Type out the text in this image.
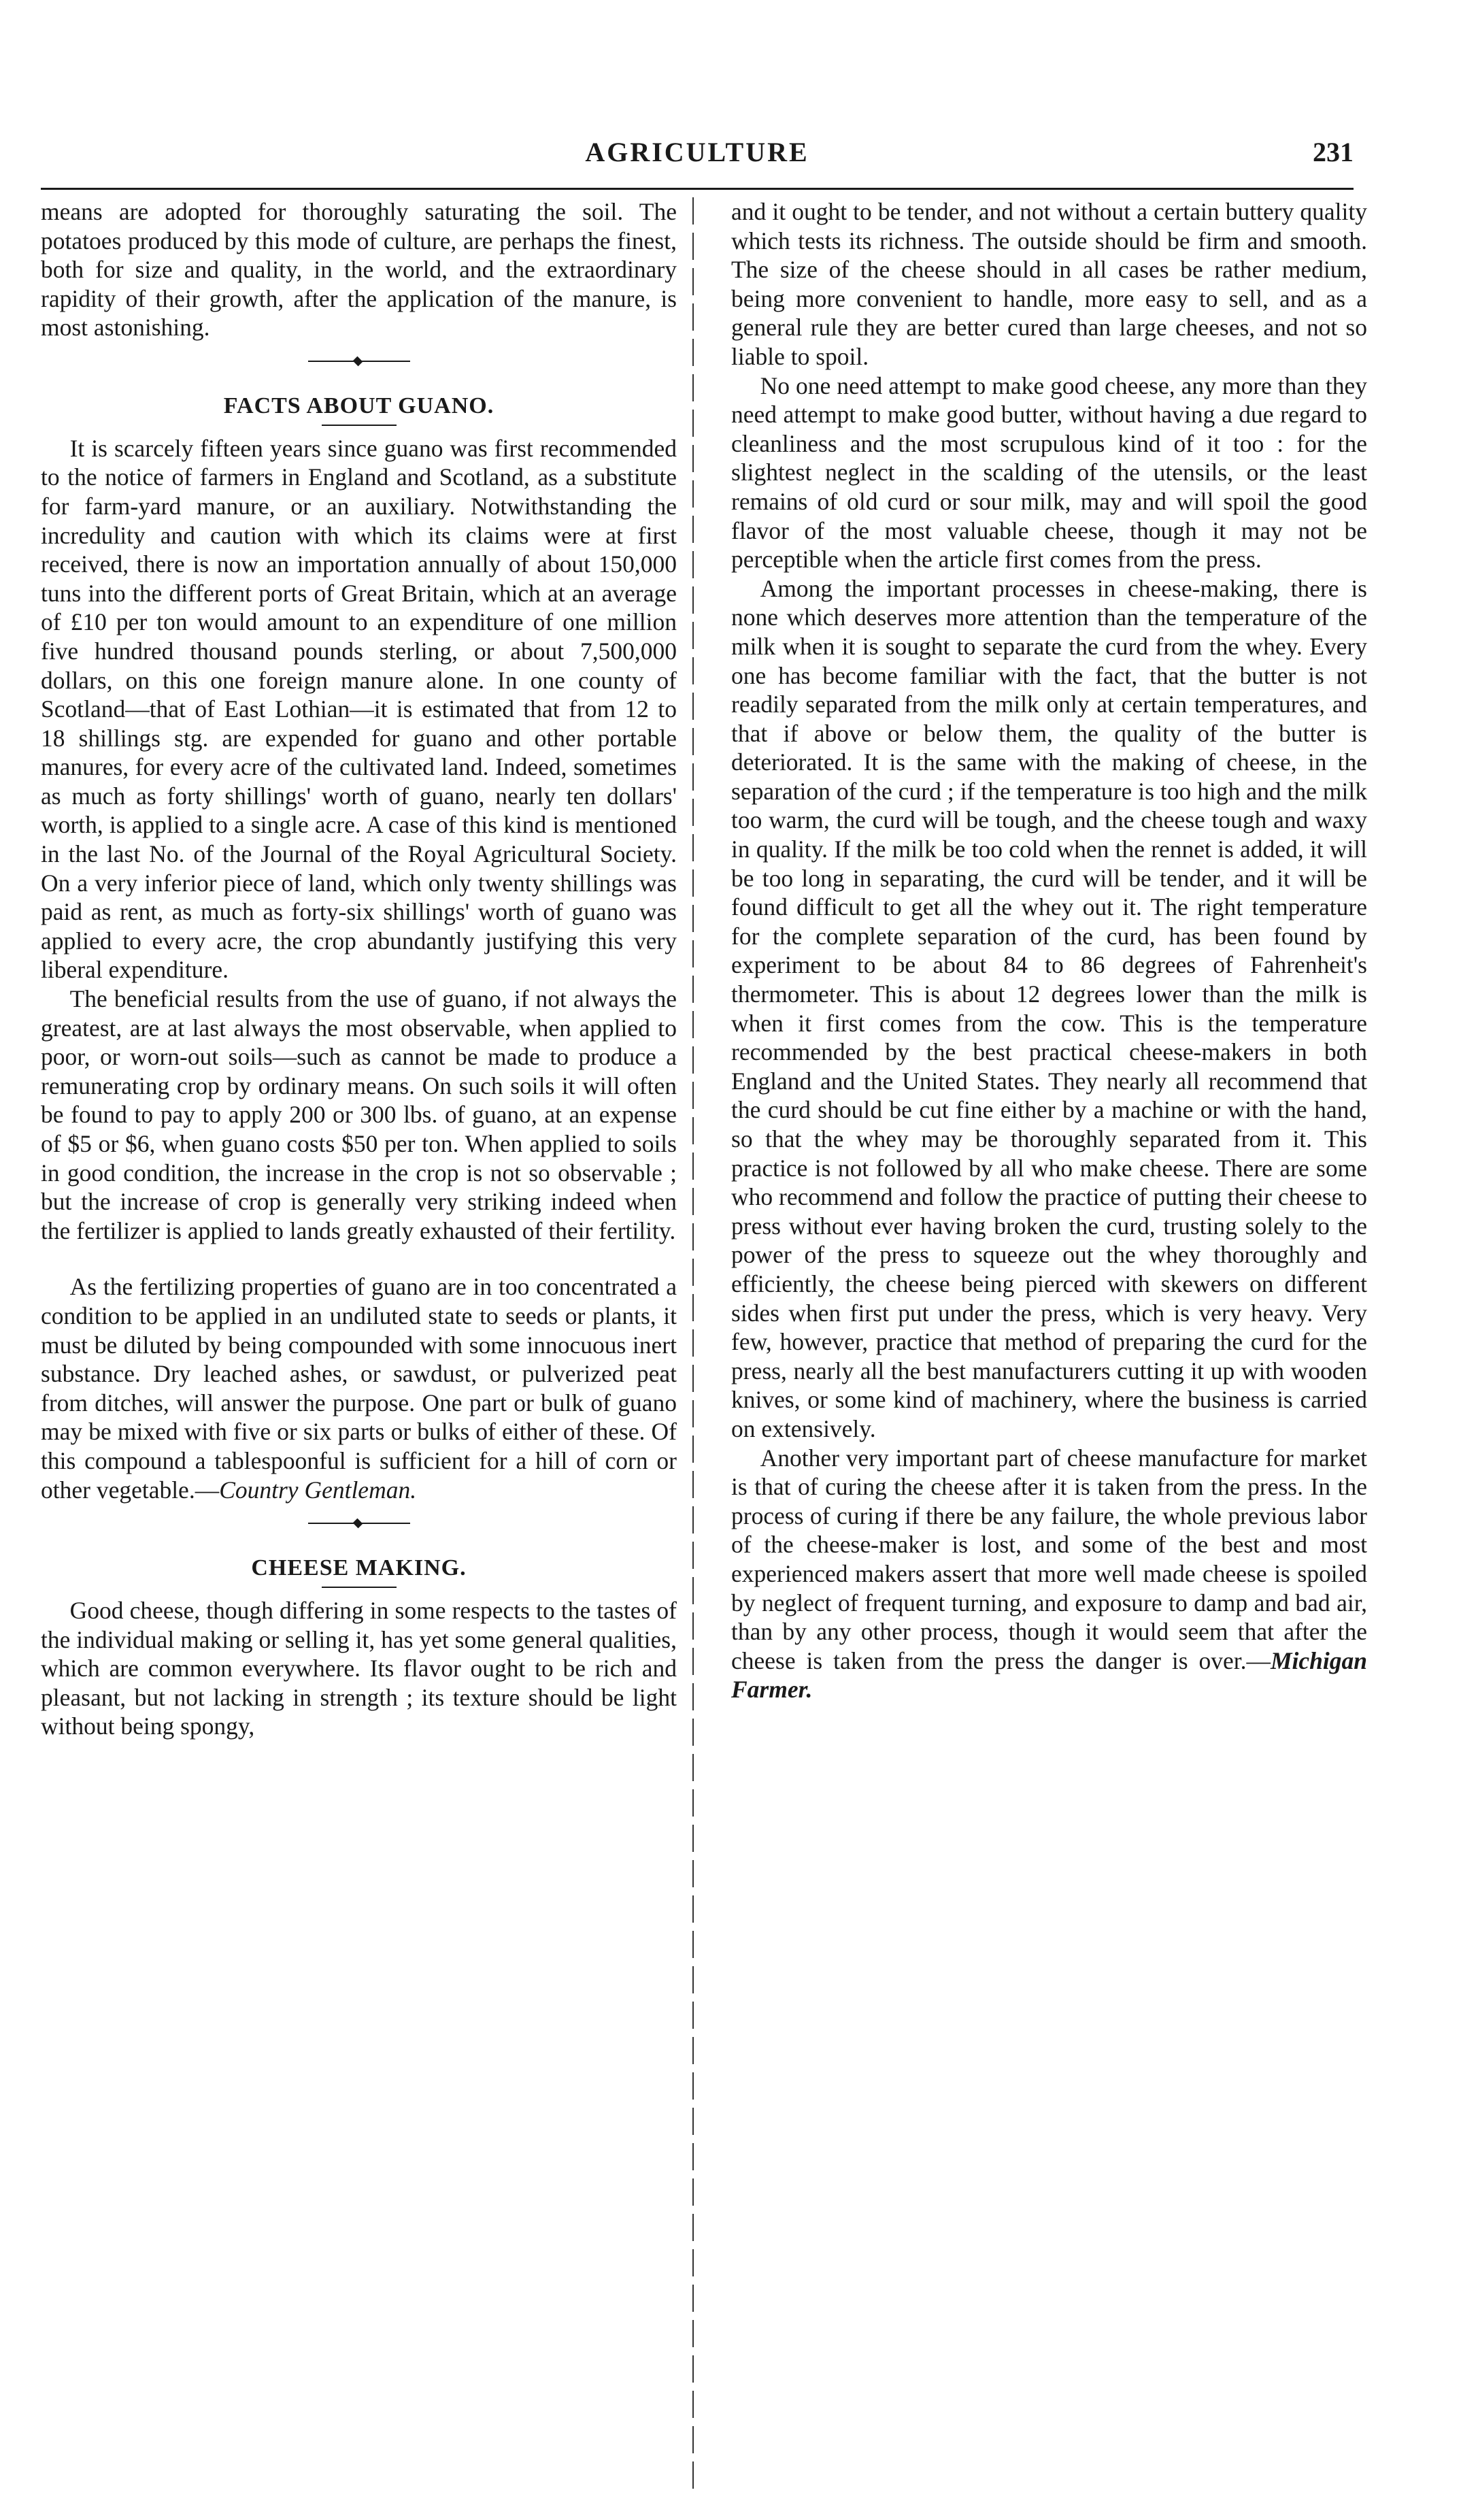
AGRICULTURE	231

means are adopted for thoroughly saturating the soil. The potatoes produced by this mode of culture, are perhaps the finest, both for size and quality, in the world, and the extraordinary rapidity of their growth, after the application of the manure, is most astonishing.

FACTS ABOUT GUANO.

It is scarcely fifteen years since guano was first recommended to the notice of farmers in England and Scotland, as a substitute for farm-yard manure, or an auxiliary. Notwithstanding the incredulity and caution with which its claims were at first received, there is now an importation annually of about 150,000 tuns into the different ports of Great Britain, which at an average of £10 per ton would amount to an expenditure of one million five hundred thousand pounds sterling, or about 7,500,000 dollars, on this one foreign manure alone. In one county of Scotland—that of East Lothian—it is estimated that from 12 to 18 shillings stg. are expended for guano and other portable manures, for every acre of the cultivated land. Indeed, sometimes as much as forty shillings' worth of guano, nearly ten dollars' worth, is applied to a single acre. A case of this kind is mentioned in the last No. of the Journal of the Royal Agricultural Society. On a very inferior piece of land, which only twenty shillings was paid as rent, as much as forty-six shillings' worth of guano was applied to every acre, the crop abundantly justifying this very liberal expenditure.

The beneficial results from the use of guano, if not always the greatest, are at last always the most observable, when applied to poor, or worn-out soils—such as cannot be made to produce a remunerating crop by ordinary means. On such soils it will often be found to pay to apply 200 or 300 lbs. of guano, at an expense of $5 or $6, when guano costs $50 per ton. When applied to soils in good condition, the increase in the crop is not so observable ; but the increase of crop is generally very striking indeed when the fertilizer is applied to lands greatly exhausted of their fertility.

As the fertilizing properties of guano are in too concentrated a condition to be applied in an undiluted state to seeds or plants, it must be diluted by being compounded with some innocuous inert substance. Dry leached ashes, or sawdust, or pulverized peat from ditches, will answer the purpose. One part or bulk of guano may be mixed with five or six parts or bulks of either of these. Of this compound a tablespoonful is sufficient for a hill of corn or other vegetable.—Country Gentleman.

CHEESE MAKING.

Good cheese, though differing in some respects to the tastes of the individual making or selling it, has yet some general qualities, which are common everywhere. Its flavor ought to be rich and pleasant, but not lacking in strength ; its texture should be light without being spongy,

and it ought to be tender, and not without a certain buttery quality which tests its richness. The outside should be firm and smooth. The size of the cheese should in all cases be rather medium, being more convenient to handle, more easy to sell, and as a general rule they are better cured than large cheeses, and not so liable to spoil.

No one need attempt to make good cheese, any more than they need attempt to make good butter, without having a due regard to cleanliness and the most scrupulous kind of it too : for the slightest neglect in the scalding of the utensils, or the least remains of old curd or sour milk, may and will spoil the good flavor of the most valuable cheese, though it may not be perceptible when the article first comes from the press.

Among the important processes in cheese-making, there is none which deserves more attention than the temperature of the milk when it is sought to separate the curd from the whey. Every one has become familiar with the fact, that the butter is not readily separated from the milk only at certain temperatures, and that if above or below them, the quality of the butter is deteriorated. It is the same with the making of cheese, in the separation of the curd ; if the temperature is too high and the milk too warm, the curd will be tough, and the cheese tough and waxy in quality. If the milk be too cold when the rennet is added, it will be too long in separating, the curd will be tender, and it will be found difficult to get all the whey out it. The right temperature for the complete separation of the curd, has been found by experiment to be about 84 to 86 degrees of Fahrenheit's thermometer. This is about 12 degrees lower than the milk is when it first comes from the cow. This is the temperature recommended by the best practical cheese-makers in both England and the United States. They nearly all recommend that the curd should be cut fine either by a machine or with the hand, so that the whey may be thoroughly separated from it. This practice is not followed by all who make cheese. There are some who recommend and follow the practice of putting their cheese to press without ever having broken the curd, trusting solely to the power of the press to squeeze out the whey thoroughly and efficiently, the cheese being pierced with skewers on different sides when first put under the press, which is very heavy. Very few, however, practice that method of preparing the curd for the press, nearly all the best manufacturers cutting it up with wooden knives, or some kind of machinery, where the business is carried on extensively.

Another very important part of cheese manufacture for market is that of curing the cheese after it is taken from the press. In the process of curing if there be any failure, the whole previous labor of the cheese-maker is lost, and some of the best and most experienced makers assert that more well made cheese is spoiled by neglect of frequent turning, and exposure to damp and bad air, than by any other process, though it would seem that after the cheese is taken from the press the danger is over.—Michigan Farmer.
